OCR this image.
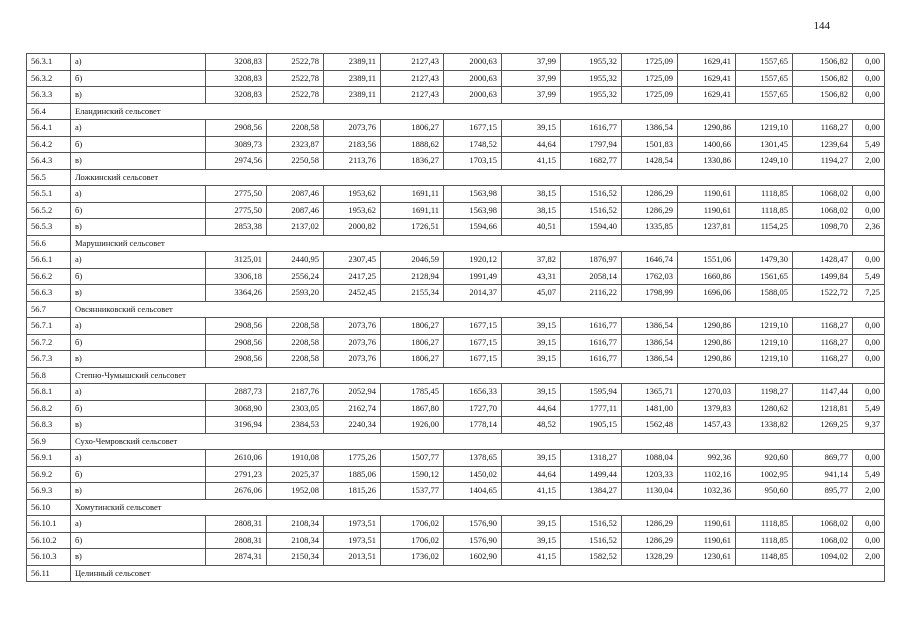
144
56.3.1	а)	3208,83	2522,78	2389,11	2127,43	2000,63	37,99	1955,32	1725,09	1629,41	1557,65	1506,82	0,00
56.3.2	б)	3208,83	2522,78	2389,11	2127,43	2000,63	37,99	1955,32	1725,09	1629,41	1557,65	1506,82	0,00
56.3.3	в)	3208,83	2522,78	2389,11	2127,43	2000,63	37,99	1955,32	1725,09	1629,41	1557,65	1506,82	0,00
56.4	Еландинский сельсовет												
56.4.1	а)	2908,56	2208,58	2073,76	1806,27	1677,15	39,15	1616,77	1386,54	1290,86	1219,10	1168,27	0,00
56.4.2	б)	3089,73	2323,87	2183,56	1888,62	1748,52	44,64	1797,94	1501,83	1400,66	1301,45	1239,64	5,49
56.4.3	в)	2974,56	2250,58	2113,76	1836,27	1703,15	41,15	1682,77	1428,54	1330,86	1249,10	1194,27	2,00
56.5	Ложкинский сельсовет												
56.5.1	а)	2775,50	2087,46	1953,62	1691,11	1563,98	38,15	1516,52	1286,29	1190,61	1118,85	1068,02	0,00
56.5.2	б)	2775,50	2087,46	1953,62	1691,11	1563,98	38,15	1516,52	1286,29	1190,61	1118,85	1068,02	0,00
56.5.3	в)	2853,38	2137,02	2000,82	1726,51	1594,66	40,51	1594,40	1335,85	1237,81	1154,25	1098,70	2,36
56.6	Марушинский сельсовет												
56.6.1	а)	3125,01	2440,95	2307,45	2046,59	1920,12	37,82	1876,97	1646,74	1551,06	1479,30	1428,47	0,00
56.6.2	б)	3306,18	2556,24	2417,25	2128,94	1991,49	43,31	2058,14	1762,03	1660,86	1561,65	1499,84	5,49
56.6.3	в)	3364,26	2593,20	2452,45	2155,34	2014,37	45,07	2116,22	1798,99	1696,06	1588,05	1522,72	7,25
56.7	Овсянниковский сельсовет												
56.7.1	а)	2908,56	2208,58	2073,76	1806,27	1677,15	39,15	1616,77	1386,54	1290,86	1219,10	1168,27	0,00
56.7.2	б)	2908,56	2208,58	2073,76	1806,27	1677,15	39,15	1616,77	1386,54	1290,86	1219,10	1168,27	0,00
56.7.3	в)	2908,56	2208,58	2073,76	1806,27	1677,15	39,15	1616,77	1386,54	1290,86	1219,10	1168,27	0,00
56.8	Степно-Чумышский сельсовет												
56.8.1	а)	2887,73	2187,76	2052,94	1785,45	1656,33	39,15	1595,94	1365,71	1270,03	1198,27	1147,44	0,00
56.8.2	б)	3068,90	2303,05	2162,74	1867,80	1727,70	44,64	1777,11	1481,00	1379,83	1280,62	1218,81	5,49
56.8.3	в)	3196,94	2384,53	2240,34	1926,00	1778,14	48,52	1905,15	1562,48	1457,43	1338,82	1269,25	9,37
56.9	Сухо-Чемровский сельсовет												
56.9.1	а)	2610,06	1910,08	1775,26	1507,77	1378,65	39,15	1318,27	1088,04	992,36	920,60	869,77	0,00
56.9.2	б)	2791,23	2025,37	1885,06	1590,12	1450,02	44,64	1499,44	1203,33	1102,16	1002,95	941,14	5,49
56.9.3	в)	2676,06	1952,08	1815,26	1537,77	1404,65	41,15	1384,27	1130,04	1032,36	950,60	895,77	2,00
56.10	Хомутинский сельсовет												
56.10.1	а)	2808,31	2108,34	1973,51	1706,02	1576,90	39,15	1516,52	1286,29	1190,61	1118,85	1068,02	0,00
56.10.2	б)	2808,31	2108,34	1973,51	1706,02	1576,90	39,15	1516,52	1286,29	1190,61	1118,85	1068,02	0,00
56.10.3	в)	2874,31	2150,34	2013,51	1736,02	1602,90	41,15	1582,52	1328,29	1230,61	1148,85	1094,02	2,00
56.11	Целинный сельсовет												
